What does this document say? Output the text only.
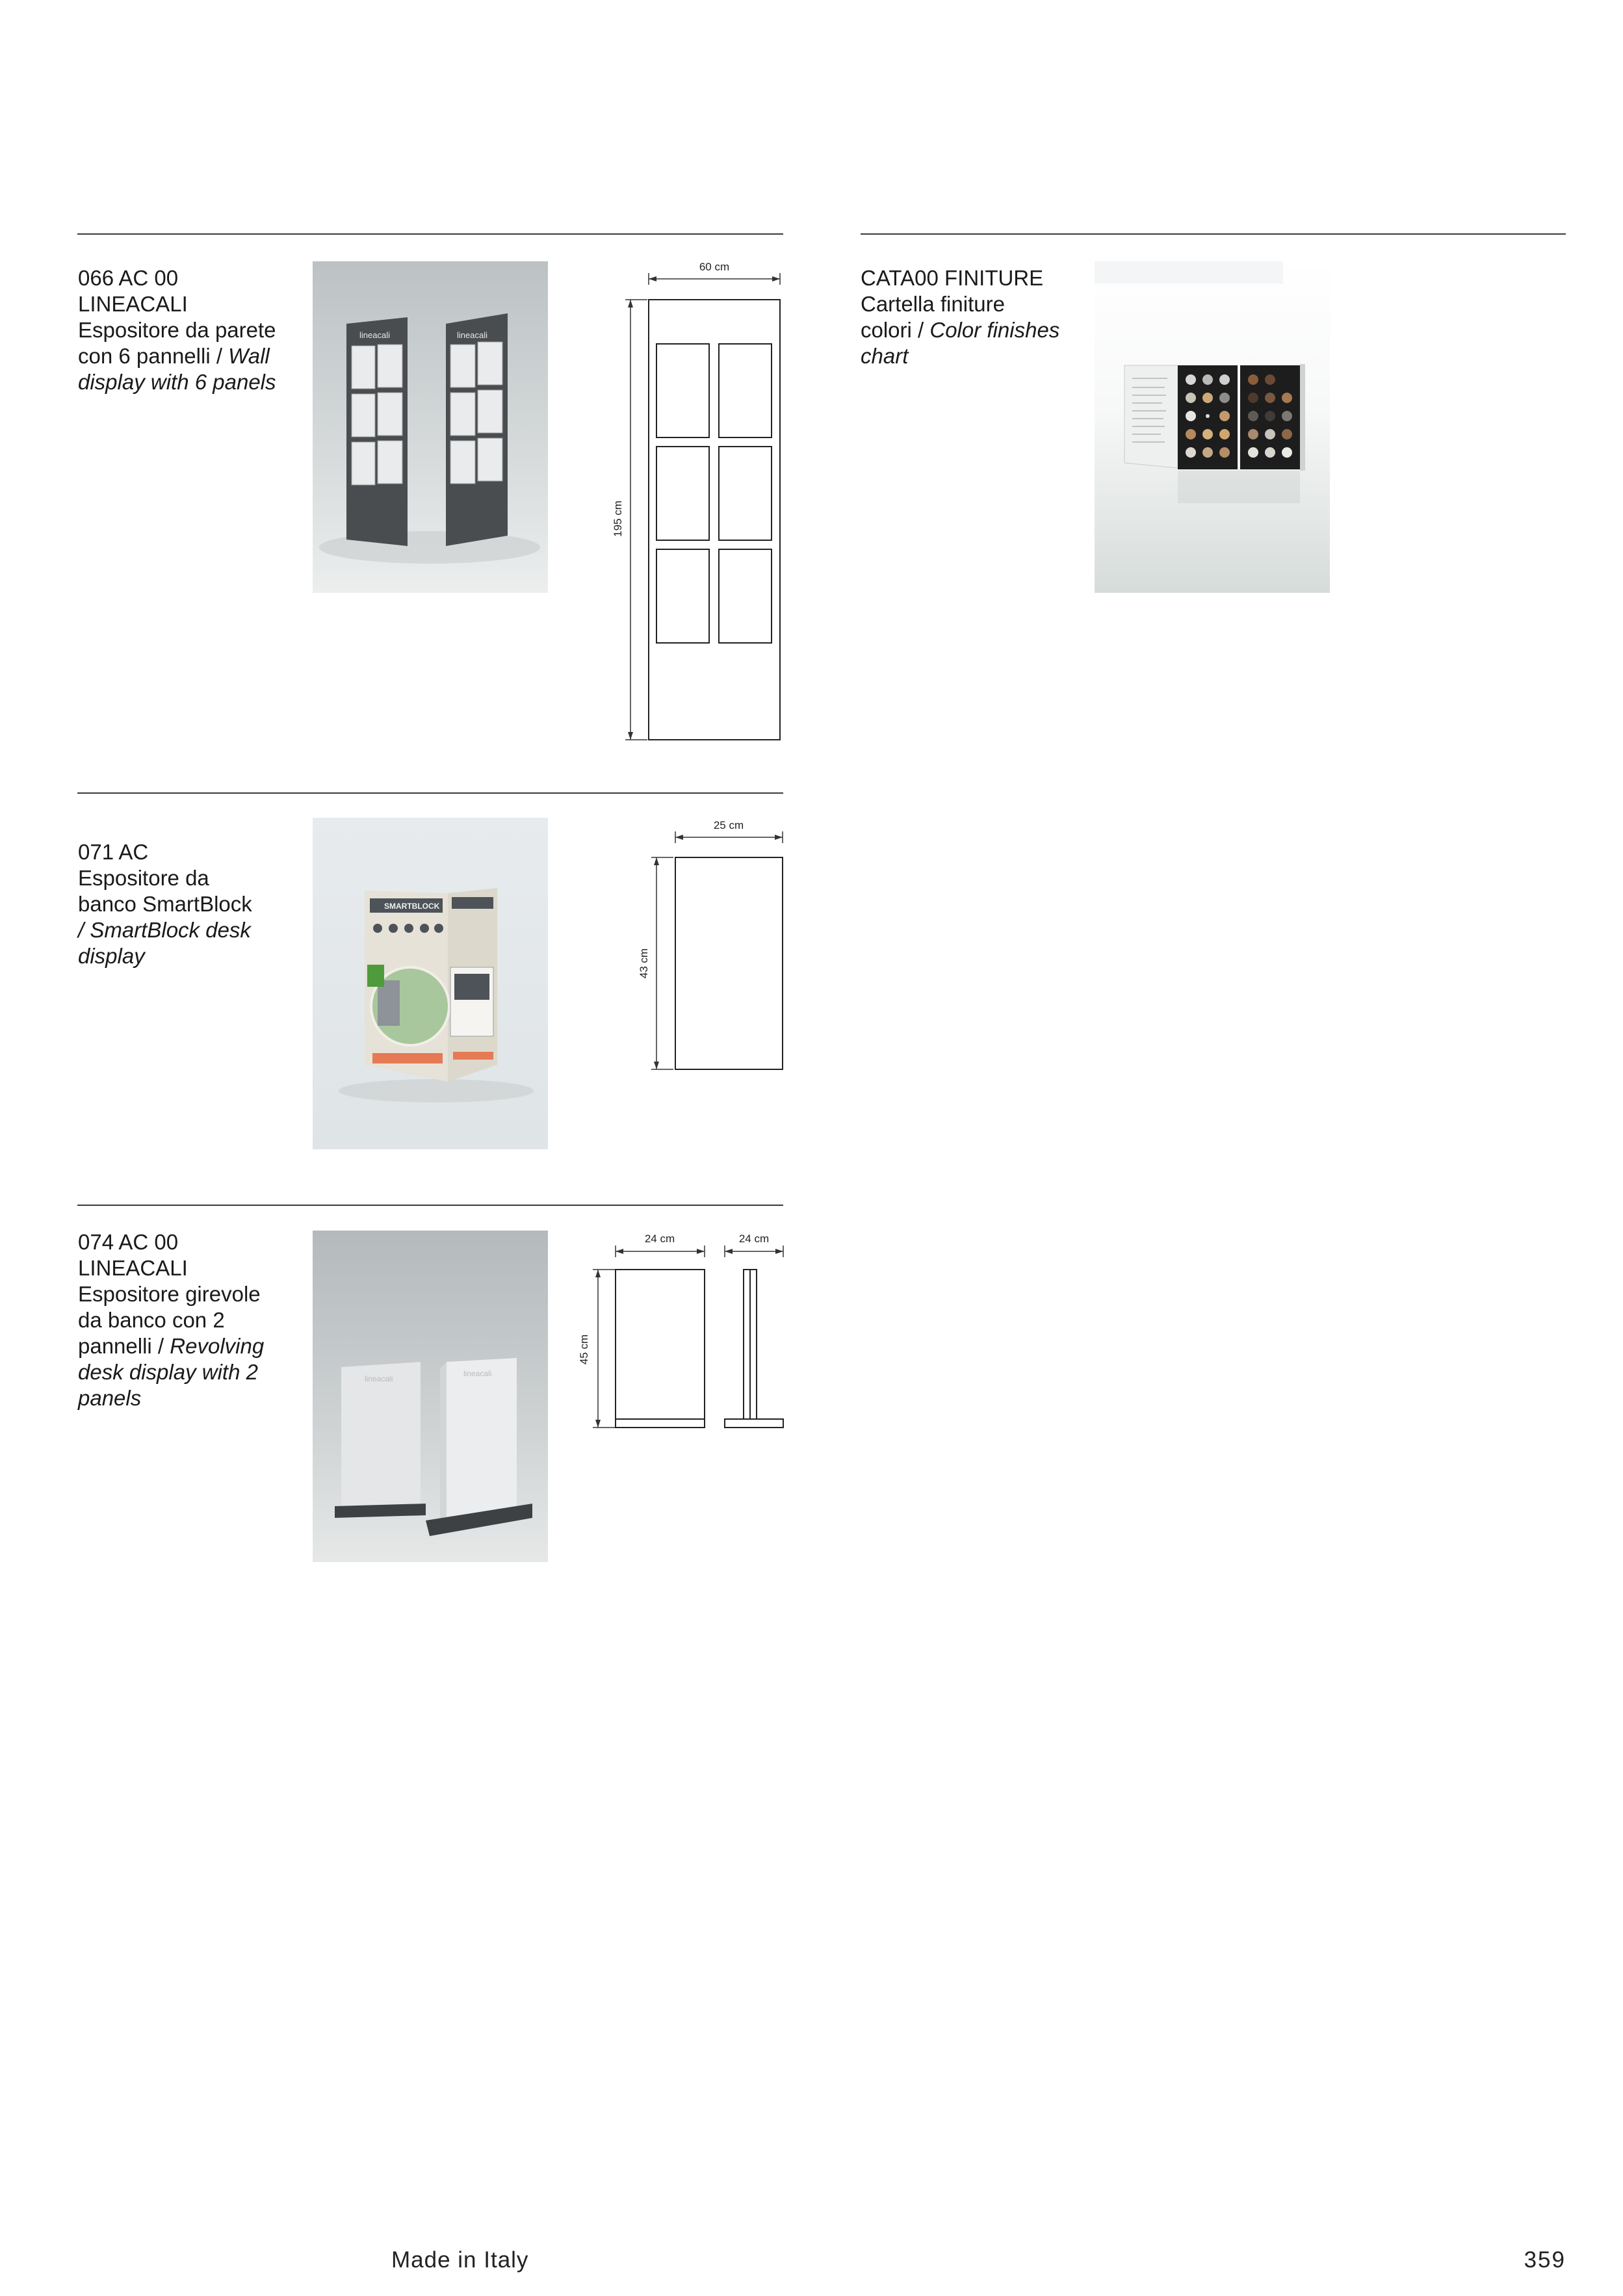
066 AC 00
LINEACALI
Espositore da parete
con 6 pannelli / Wall
display with 6 panels
lineacali	lineacali
60 cm
195 cm
CATA00 FINITURE
Cartella finiture
colori / Color finishes
chart
071 AC
Espositore da
banco SmartBlock
/ SmartBlock desk
display
SMARTBLOCK
25 cm
43 cm
074 AC 00
LINEACALI
Espositore girevole
da banco con 2
pannelli / Revolving
desk display with 2
panels
lineacali
lineacali
24 cm	24 cm
45 cm
Made in Italy	359
